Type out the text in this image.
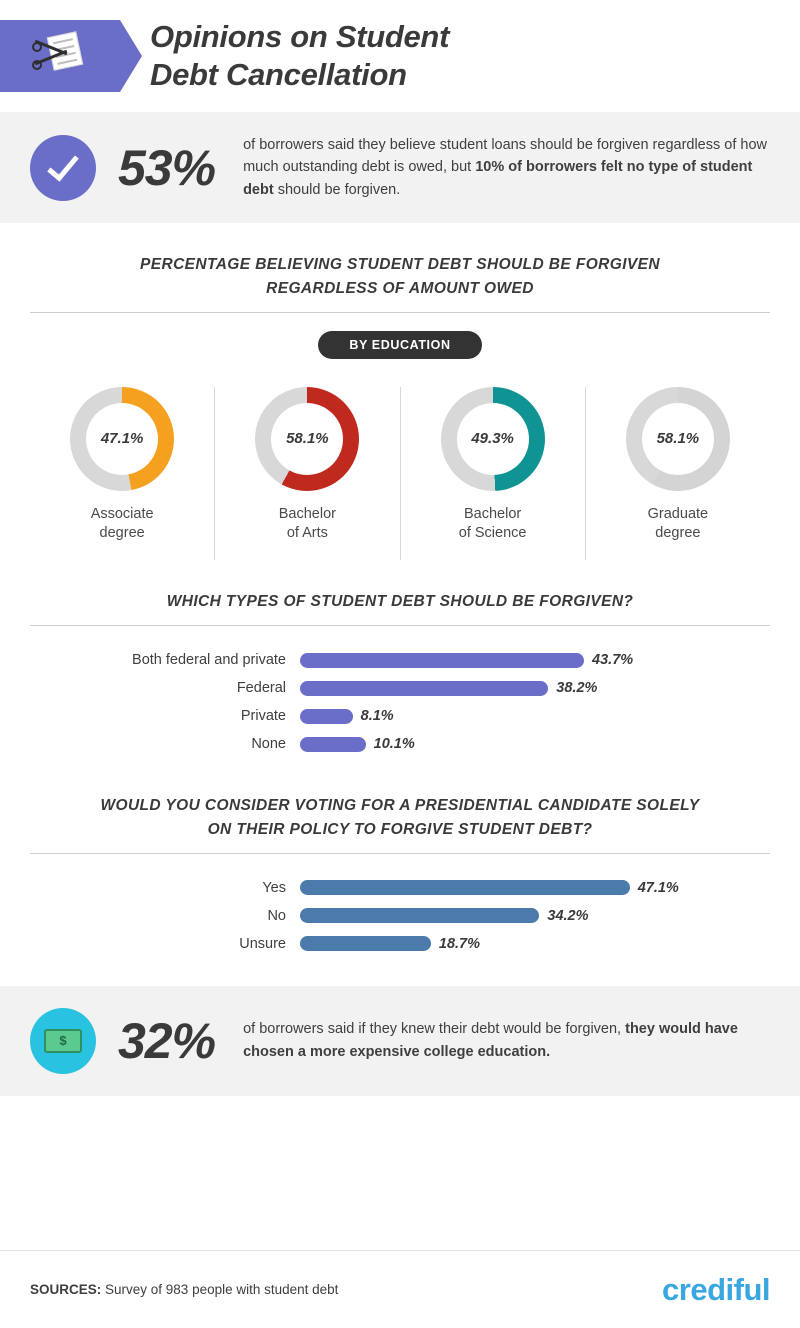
Opinions on Student
Debt Cancellation
53% of borrowers said they believe student loans should be forgiven regardless of how much outstanding debt is owed, but 10% of borrowers felt no type of student debt should be forgiven.
PERCENTAGE BELIEVING STUDENT DEBT SHOULD BE FORGIVEN
REGARDLESS OF AMOUNT OWED
BY EDUCATION
47.1%
Associate
degree
58.1%
Bachelor
of Arts
49.3%
Bachelor
of Science
58.1%
Graduate
degree
WHICH TYPES OF STUDENT DEBT SHOULD BE FORGIVEN?
Both federal and private	43.7%
Federal	38.2%
Private	8.1%
None	10.1%
WOULD YOU CONSIDER VOTING FOR A PRESIDENTIAL CANDIDATE SOLELY
ON THEIR POLICY TO FORGIVE STUDENT DEBT?
Yes	47.1%
No	34.2%
Unsure	18.7%
$	32% of borrowers said if they knew their debt would be forgiven, they would have chosen a more expensive college education.
SOURCES: Survey of 983 people with student debt	crediful
